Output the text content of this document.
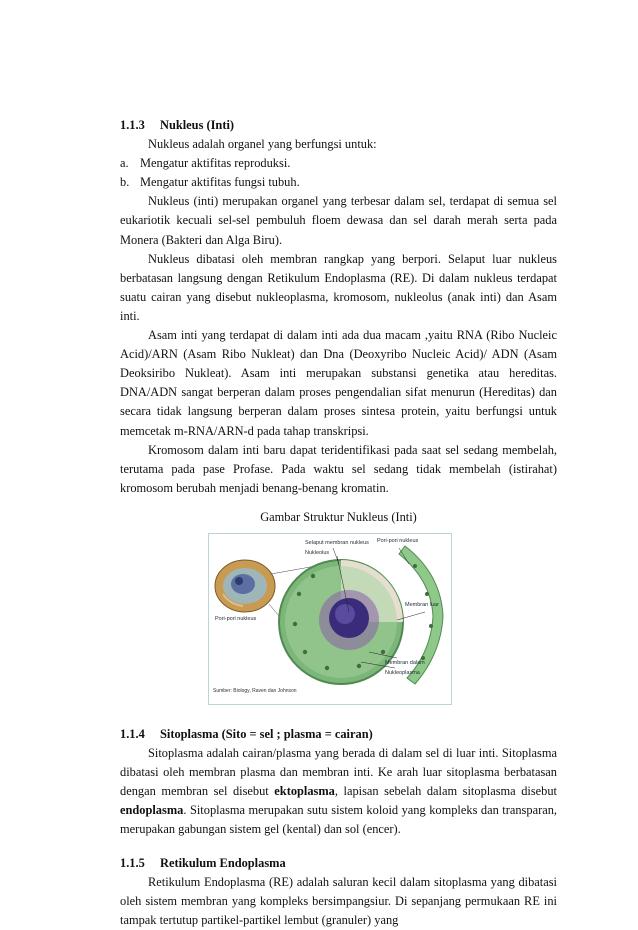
1.1.3 Nukleus (Inti)

Nukleus adalah organel yang berfungsi untuk:

a. Mengatur aktifitas reproduksi.

b. Mengatur aktifitas fungsi tubuh.

Nukleus (inti) merupakan organel yang terbesar dalam sel, terdapat di semua sel eukariotik kecuali sel-sel pembuluh floem dewasa dan sel darah merah serta pada Monera (Bakteri dan Alga Biru).

Nukleus dibatasi oleh membran rangkap yang berpori. Selaput luar nukleus berbatasan langsung dengan Retikulum Endoplasma (RE). Di dalam nukleus terdapat suatu cairan yang disebut nukleoplasma, kromosom, nukleolus (anak inti) dan Asam inti.

Asam inti yang terdapat di dalam inti ada dua macam ,yaitu RNA (Ribo Nucleic Acid)/ARN (Asam Ribo Nukleat) dan Dna (Deoxyribo Nucleic Acid)/ ADN (Asam Deoksiribo Nukleat). Asam inti merupakan substansi genetika atau hereditas. DNA/ADN sangat berperan dalam proses pengendalian sifat menurun (Hereditas) dan secara tidak langsung berperan dalam proses sintesa protein, yaitu berfungsi untuk memcetak m-RNA/ARN-d pada tahap transkripsi.

Kromosom dalam inti baru dapat teridentifikasi pada saat sel sedang membelah, terutama pada pase Profase. Pada waktu sel sedang tidak membelah (istirahat) kromosom berubah menjadi benang-benang kromatin.

Gambar Struktur Nukleus (Inti)

Selaput membran nukleus
Nukleolus
Pori-pori nukleus
Pori-pori nukleus
Membran luar
Membran dalam
Nukleoplasma
Sumber: Biology, Raven dan Johnson

1.1.4 Sitoplasma (Sito = sel ; plasma = cairan)

Sitoplasma adalah cairan/plasma yang berada di dalam sel di luar inti. Sitoplasma dibatasi oleh membran plasma dan membran inti. Ke arah luar sitoplasma berbatasan dengan membran sel disebut ektoplasma, lapisan sebelah dalam sitoplasma disebut endoplasma. Sitoplasma merupakan sutu sistem koloid yang kompleks dan transparan, merupakan gabungan sistem gel (kental) dan sol (encer).

1.1.5 Retikulum Endoplasma

Retikulum Endoplasma (RE) adalah saluran kecil dalam sitoplasma yang dibatasi oleh sistem membran yang kompleks bersimpangsiur. Di sepanjang permukaan RE ini tampak tertutup partikel-partikel lembut (granuler) yang
